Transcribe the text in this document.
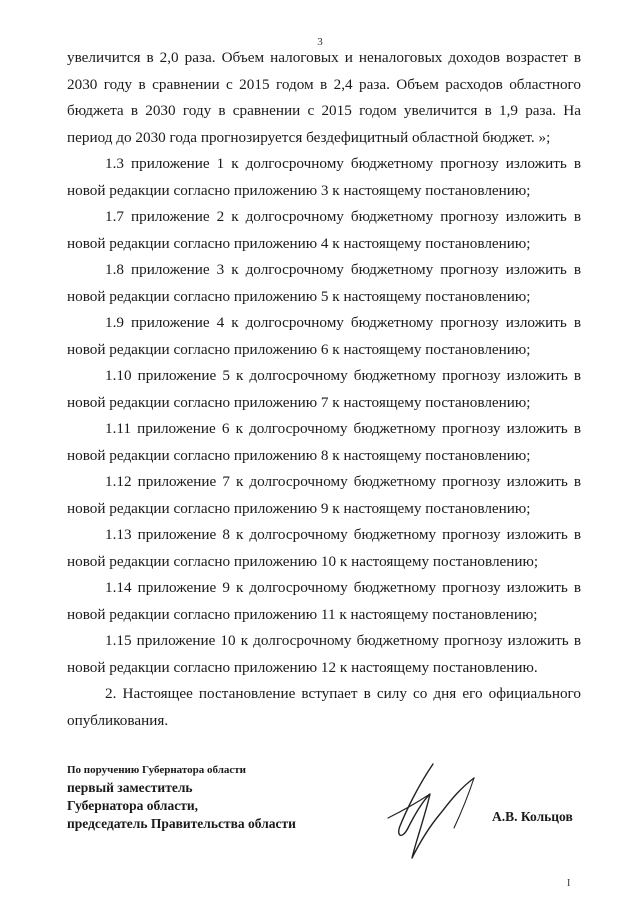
3

увеличится в 2,0 раза. Объем налоговых и неналоговых доходов возрастет в 2030 году в сравнении с 2015 годом в 2,4 раза. Объем расходов областного бюджета в 2030 году в сравнении с 2015 годом увеличится в 1,9 раза. На период до 2030 года прогнозируется бездефицитный областной бюджет. »;

1.3 приложение 1 к долгосрочному бюджетному прогнозу изложить в новой редакции согласно приложению 3 к настоящему постановлению;

1.7 приложение 2 к долгосрочному бюджетному прогнозу изложить в новой редакции согласно приложению 4 к настоящему постановлению;

1.8 приложение 3 к долгосрочному бюджетному прогнозу изложить в новой редакции согласно приложению 5 к настоящему постановлению;

1.9 приложение 4 к долгосрочному бюджетному прогнозу изложить в новой редакции согласно приложению 6 к настоящему постановлению;

1.10 приложение 5 к долгосрочному бюджетному прогнозу изложить в новой редакции согласно приложению 7 к настоящему постановлению;

1.11 приложение 6 к долгосрочному бюджетному прогнозу изложить в новой редакции согласно приложению 8 к настоящему постановлению;

1.12 приложение 7 к долгосрочному бюджетному прогнозу изложить в новой редакции согласно приложению 9 к настоящему постановлению;

1.13 приложение 8 к долгосрочному бюджетному прогнозу изложить в новой редакции согласно приложению 10 к настоящему постановлению;

1.14 приложение 9 к долгосрочному бюджетному прогнозу изложить в новой редакции согласно приложению 11 к настоящему постановлению;

1.15 приложение 10 к долгосрочному бюджетному прогнозу изложить в новой редакции согласно приложению 12 к настоящему постановлению.

2. Настоящее постановление вступает в силу со дня его официального опубликования.

По поручению Губернатора области
первый заместитель
Губернатора области,
председатель Правительства области	А.В. Кольцов
I
